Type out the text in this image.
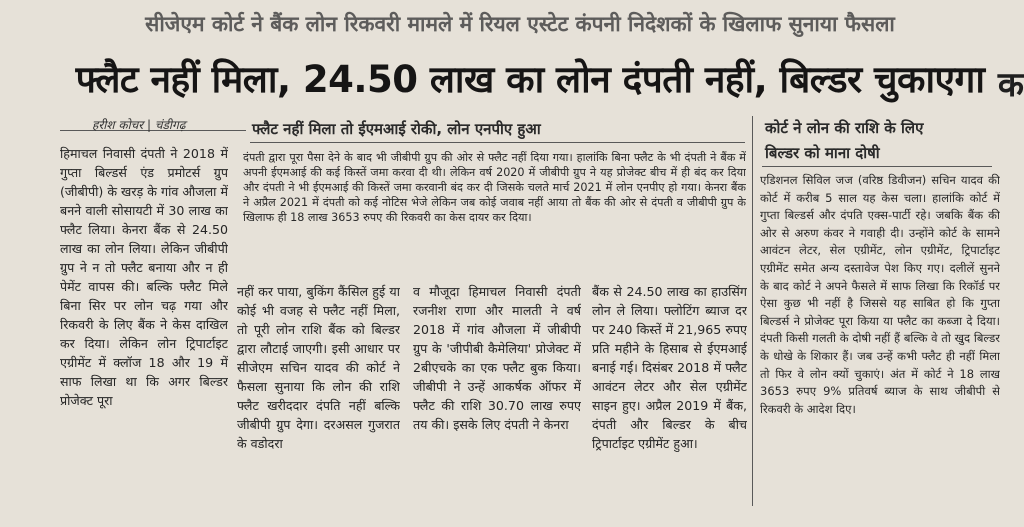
सीजेएम कोर्ट ने बैंक लोन रिकवरी मामले में रियल एस्टेट कंपनी निदेशकों के खिलाफ सुनाया फैसला
फ्लैट नहीं मिला, 24.50 लाख का लोन दंपती नहीं, बिल्डर चुकाएगा क
हरीश कोचर | चंडीगढ़	फ्लैट नहीं मिला तो ईएमआई रोकी, लोन एनपीए हुआ
दंपती द्वारा पूरा पैसा देने के बाद भी जीबीपी ग्रुप की ओर से फ्लैट नहीं दिया गया। हालांकि बिना फ्लैट के भी दंपती ने बैंक में अपनी ईएमआई की कई किस्तें जमा करवा दी थी। लेकिन वर्ष 2020 में जीबीपी ग्रुप ने यह प्रोजेक्ट बीच में ही बंद कर दिया और दंपती ने भी ईएमआई की किस्तें जमा करवानी बंद कर दी जिसके चलते मार्च 2021 में लोन एनपीए हो गया। केनरा बैंक ने अप्रैल 2021 में दंपती को कई नोटिस भेजे लेकिन जब कोई जवाब नहीं आया तो बैंक की ओर से दंपती व जीबीपी ग्रुप के खिलाफ ही 18 लाख 3653 रुपए की रिकवरी का केस दायर कर दिया।
हिमाचल निवासी दंपती ने 2018 में गुप्ता बिल्डर्स एंड प्रमोटर्स ग्रुप (जीबीपी) के खरड़ के गांव औजला में बनने वाली सोसायटी में 30 लाख का फ्लैट लिया। केनरा बैंक से 24.50 लाख का लोन लिया। लेकिन जीबीपी ग्रुप ने न तो फ्लैट बनाया और न ही पेमेंट वापस की। बल्कि फ्लैट मिले बिना सिर पर लोन चढ़ गया और रिकवरी के लिए बैंक ने केस दाखिल कर दिया। लेकिन लोन ट्रिपार्टाइट एग्रीमेंट में क्लॉज 18 और 19 में साफ लिखा था कि अगर बिल्डर प्रोजेक्ट पूरा
नहीं कर पाया, बुकिंग कैंसिल हुई या कोई भी वजह से फ्लैट नहीं मिला, तो पूरी लोन राशि बैंक को बिल्डर द्वारा लौटाई जाएगी। इसी आधार पर सीजेएम सचिन यादव की कोर्ट ने फैसला सुनाया कि लोन की राशि फ्लैट खरीददार दंपति नहीं बल्कि जीबीपी ग्रुप देगा। दरअसल गुजरात के वडोदरा
व मौजूदा हिमाचल निवासी दंपती रजनीश राणा और मालती ने वर्ष 2018 में गांव औजला में जीबीपी ग्रुप के 'जीपीबी कैमेलिया' प्रोजेक्ट में 2बीएचके का एक फ्लैट बुक किया। जीबीपी ने उन्हें आकर्षक ऑफर में फ्लैट की राशि 30.70 लाख रुपए तय की। इसके लिए दंपती ने केनरा
बैंक से 24.50 लाख का हाउसिंग लोन ले लिया। फ्लोटिंग ब्याज दर पर 240 किस्तें में 21,965 रुपए प्रति महीने के हिसाब से ईएमआई बनाई गई। दिसंबर 2018 में फ्लैट आवंटन लेटर और सेल एग्रीमेंट साइन हुए। अप्रैल 2019 में बैंक, दंपती और बिल्डर के बीच ट्रिपार्टाइट एग्रीमेंट हुआ।
कोर्ट ने लोन की राशि के लिए
बिल्डर को माना दोषी
एडिशनल सिविल जज (वरिष्ठ डिवीजन) सचिन यादव की कोर्ट में करीब 5 साल यह केस चला। हालांकि कोर्ट में गुप्ता बिल्डर्स और दंपति एक्स-पार्टी रहे। जबकि बैंक की ओर से अरुण कंवर ने गवाही दी। उन्होंने कोर्ट के सामने आवंटन लेटर, सेल एग्रीमेंट, लोन एग्रीमेंट, ट्रिपार्टाइट एग्रीमेंट समेत अन्य दस्तावेज पेश किए गए। दलीलें सुनने के बाद कोर्ट ने अपने फैसले में साफ लिखा कि रिकॉर्ड पर ऐसा कुछ भी नहीं है जिससे यह साबित हो कि गुप्ता बिल्डर्स ने प्रोजेक्ट पूरा किया या फ्लैट का कब्जा दे दिया। दंपती किसी गलती के दोषी नहीं हैं बल्कि वे तो खुद बिल्डर के धोखे के शिकार हैं। जब उन्हें कभी फ्लैट ही नहीं मिला तो फिर वे लोन क्यों चुकाएं। अंत में कोर्ट ने 18 लाख 3653 रुपए 9% प्रतिवर्ष ब्याज के साथ जीबीपी से रिकवरी के आदेश दिए।
